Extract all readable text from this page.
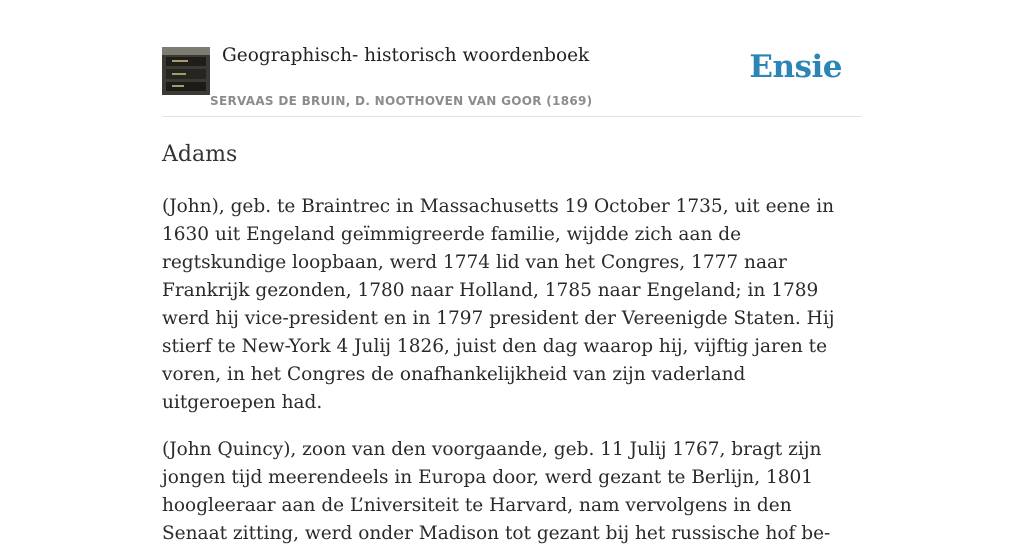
Geographisch- historisch woordenboek
SERVAAS DE BRUIN, D. NOOTHOVEN VAN GOOR (1869)
Ensie
Adams

(John), geb. te Braintrec in Massachusetts 19 October 1735, uit eene in 1630 uit Engeland geïmmigreerde familie, wijdde zich aan de regtskundige loopbaan, werd 1774 lid van het Congres, 1777 naar Frankrijk gezonden, 1780 naar Holland, 1785 naar Engeland; in 1789 werd hij vice-president en in 1797 president der Vereenigde Staten. Hij stierf te New-York 4 Julij 1826, juist den dag waarop hij, vijftig jaren te voren, in het Congres de onafhankelijkheid van zijn vaderland uitgeroepen had.

(John Quincy), zoon van den voorgaande, geb. 11 Julij 1767, bragt zijn jongen tijd meerendeels in Europa door, werd gezant te Berlijn, 1801 hoogleeraar aan de L’niversiteit te Harvard, nam vervolgens in den Senaat zitting, werd onder Madison tot gezant bij het russische hof be-
